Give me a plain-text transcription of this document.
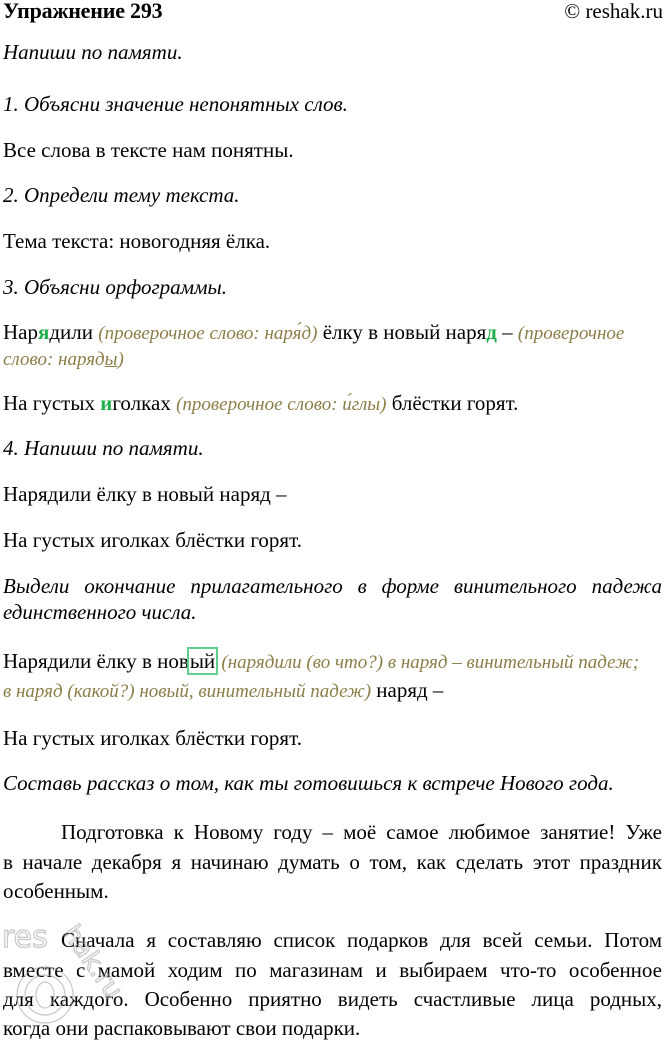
Упражнение 293	© reshak.ru
Напиши по памяти.
1. Объясни значение непонятных слов.
Все слова в тексте нам понятны.
2. Определи тему текста.
Тема текста: новогодняя ёлка.
3. Объясни орфограммы.
Нарядили (проверочное слово: наря́д) ёлку в новый наряд – (проверочное
слово: наряды)
На густых иголках (проверочное слово: и́глы) блёстки горят.
4. Напиши по памяти.
Нарядили ёлку в новый наряд –
На густых иголках блёстки горят.
Выдели окончание прилагательного в форме винительного падежа
единственного числа.
Нарядили ёлку в новый (нарядили (во что?) в наряд – винительный падеж;
в наряд (какой?) новый, винительный падеж) наряд –
На густых иголках блёстки горят.
Составь рассказ о том, как ты готовишься к встрече Нового года.
Подготовка к Новому году – моё самое любимое занятие! Уже
в начале декабря я начинаю думать о том, как сделать этот праздник
особенным.
Сначала я составляю список подарков для всей семьи. Потом
вместе с мамой ходим по магазинам и выбираем что-то особенное
для каждого. Особенно приятно видеть счастливые лица родных,
когда они распаковывают свои подарки.
res hak.ru
